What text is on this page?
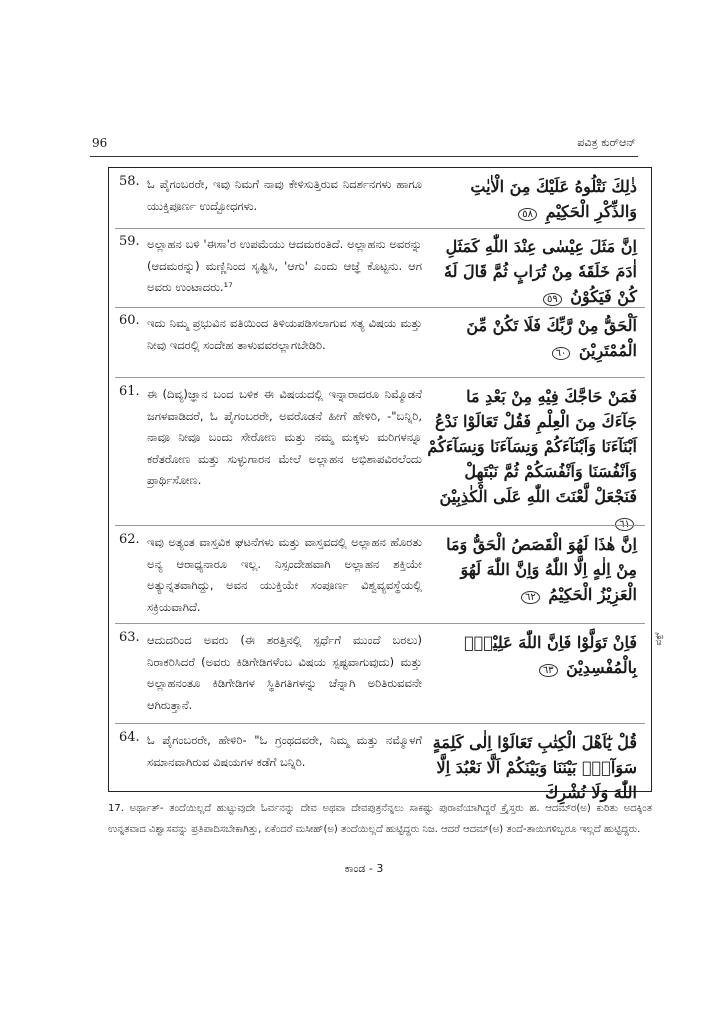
96	ಪವಿತ್ರ ಕುರ್‌ಆನ್
58. ಓ ಪೈಗಂಬರರೇ, ಇವು ನಿಮಗೆ ನಾವು ಕೇಳಿಸುತ್ತಿರುವ ನಿದರ್ಶನಗಳು ಹಾಗೂ ಯುಕ್ತಿಪೂರ್ಣ ಉದ್ಬೋಧಗಳು.
ذٰلِكَ نَتْلُوهُ عَلَيْكَ مِنَ الْاٰيٰتِ وَالذِّكْرِ الْحَكِيْمِ ٥٨
59. ಅಲ್ಲಾಹನ ಬಳಿ 'ಈಸಾ'ರ ಉಪಮೆಯು ಆದಮರಂತಿದೆ. ಅಲ್ಲಾಹನು ಅವರನ್ನು (ಆದಮರನ್ನು) ಮಣ್ಣಿನಿಂದ ಸೃಷ್ಟಿಸಿ, 'ಆಗು' ಎಂದು ಆಜ್ಞೆ ಕೊಟ್ಟನು. ಆಗ ಅವರು ಉಂಟಾದರು.¹⁷
اِنَّ مَثَلَ عِيْسٰى عِنْدَ اللّٰهِ كَمَثَلِ اٰدَمَ خَلَقَهٗ مِنْ تُرَابٍ ثُمَّ قَالَ لَهٗ كُنْ فَيَكُوْنُ ٥٩
60. ಇದು ನಿಮ್ಮ ಪ್ರಭುವಿನ ವತಿಯಿಂದ ತಿಳಿಯಪಡಿಸಲಾಗುವ ಸತ್ಯ ವಿಷಯ ಮತ್ತು ನೀವು ಇದರಲ್ಲಿ ಸಂದೇಹ ತಾಳುವವರಲ್ಲಾಗಬೇಡಿರಿ.
اَلْحَقُّ مِنْ رَّبِّكَ فَلَا تَكُنْ مِّنَ الْمُمْتَرِيْنَ ٦٠
61. ಈ (ದಿವ್ಯ)ಜ್ಞಾನ ಬಂದ ಬಳಿಕ ಈ ವಿಷಯದಲ್ಲಿ ಇನ್ನಾರಾದರೂ ನಿಮ್ಮೊಡನೆ ಜಗಳವಾಡಿದರೆ, ಓ ಪೈಗಂಬರರೇ, ಅವರೊಡನೆ ಹೀಗೆ ಹೇಳಿರಿ, -"ಬನ್ನಿರಿ, ನಾವೂ ನೀವೂ ಬಂದು ಸೇರೋಣ ಮತ್ತು ನಮ್ಮ ಮಕ್ಕಳು ಮರಿಗಳನ್ನೂ ಕರೆತರೋಣ ಮತ್ತು ಸುಳ್ಳುಗಾರನ ಮೇಲೆ ಅಲ್ಲಾಹನ ಅಭಿಶಾಪವಿರಲೆಂದು ಪ್ರಾರ್ಥಿಸೋಣ.
فَمَنْ حَاجَّكَ فِيْهِ مِنْ بَعْدِ مَا جَآءَكَ مِنَ الْعِلْمِ فَقُلْ تَعَالَوْا نَدْعُ اَبْنَآءَنَا وَاَبْنَآءَكُمْ وَنِسَآءَنَا وَنِسَآءَكُمْ وَاَنْفُسَنَا وَاَنْفُسَكُمْ ثُمَّ نَبْتَهِلْ فَنَجْعَلْ لَّعْنَتَ اللّٰهِ عَلَى الْكٰذِبِيْنَ ٦١
62. ಇವು ಅತ್ಯಂತ ವಾಸ್ತವಿಕ ಘಟನೆಗಳು ಮತ್ತು ವಾಸ್ತವದಲ್ಲಿ ಅಲ್ಲಾಹನ ಹೊರತು ಅನ್ಯ ಆರಾಧ್ಯನಾರೂ ಇಲ್ಲ. ನಿಸ್ಸಂದೇಹವಾಗಿ ಅಲ್ಲಾಹನ ಶಕ್ತಿಯೇ ಅತ್ಯುನ್ನತವಾಗಿದ್ದು, ಅವನ ಯುಕ್ತಿಯೇ ಸಂಪೂರ್ಣ ವಿಶ್ವವ್ಯವಸ್ಥೆಯಲ್ಲಿ ಸಕ್ರಿಯವಾಗಿದೆ.
اِنَّ هٰذَا لَهُوَ الْقَصَصُ الْحَقُّ وَمَا مِنْ اِلٰهٍ اِلَّا اللّٰهُ وَاِنَّ اللّٰهَ لَهُوَ الْعَزِيْزُ الْحَكِيْمُ ٦٢
63. ಆದುದರಿಂದ ಅವರು (ಈ ಶರತ್ತಿನಲ್ಲಿ ಸ್ಪರ್ಧೆಗೆ ಮುಂದೆ ಬರಲು) ನಿರಾಕರಿಸಿದರೆ (ಅವರು ಕಿಡಿಗೇಡಿಗಳೆಂಬ ವಿಷಯ ಸ್ಪಷ್ಟವಾಗುವುದು) ಮತ್ತು ಅಲ್ಲಾಹನಂತೂ ಕಿಡಿಗೇಡಿಗಳ ಸ್ಥಿತಿಗತಿಗಳನ್ನು ಚೆನ್ನಾಗಿ ಅರಿತಿರುವವನೇ ಆಗಿರುತ್ತಾನೆ.
فَاِنْ تَوَلَّوْا فَاِنَّ اللّٰهَ عَلِيْمٌۢ بِالْمُفْسِدِيْنَ ٦٣
64. ಓ ಪೈಗಂಬರರೇ, ಹೇಳಿರಿ- "ಓ ಗ್ರಂಥದವರೇ, ನಿಮ್ಮ ಮತ್ತು ನಮ್ಮೊಳಗೆ ಸಮಾನವಾಗಿರುವ ವಿಷಯಗಳ ಕಡೆಗೆ ಬನ್ನಿರಿ.
قُلْ يٰٓاَهْلَ الْكِتٰبِ تَعَالَوْا اِلٰى كَلِمَةٍ سَوَآءٍۢ بَيْنَنَا وَبَيْنَكُمْ اَلَّا نَعْبُدَ اِلَّا اللّٰهَ وَلَا نُشْرِكَ
ವಕ್ಫ್
17. ಅರ್ಥಾತ್- ತಂದೆಯಿಲ್ಲದೆ ಹುಟ್ಟುವುದೇ ಓರ್ವನನ್ನು ದೇವ ಅಥವಾ ದೇವಪುತ್ರನೆನ್ನಲು ಸಾಕಷ್ಟು ಪುರಾವೆಯಾಗಿದ್ದರೆ ಕ್ರೈಸ್ತರು ಹ. ಆದಮ್‌ರ(ಅ) ಕುರಿತು ಅದಕ್ಕಿಂತ ಉನ್ನತವಾದ ವಿಶ್ವಾಸವನ್ನು ಪ್ರತಿಪಾದಿಸಬೇಕಾಗಿತ್ತು, ಏಕೆಂದರೆ ಮಸೀಹ್(ಅ) ತಂದೆಯಿಲ್ಲದೆ ಹುಟ್ಟಿದ್ದರು ನಿಜ. ಆದರೆ ಆದಮ್(ಅ) ತಂದೆ-ತಾಯಿಗಳಿಬ್ಬರೂ ಇಲ್ಲದೆ ಹುಟ್ಟಿದ್ದರು.
ಕಾಂಡ - 3
